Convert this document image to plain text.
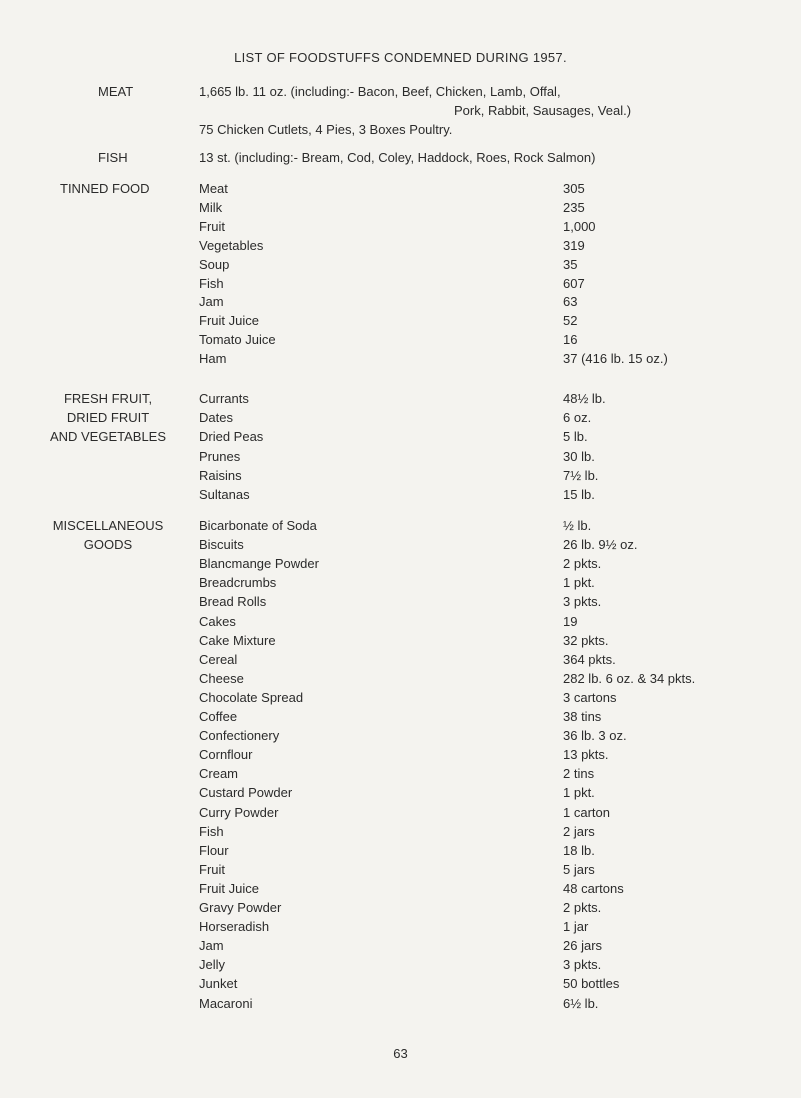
LIST OF FOODSTUFFS CONDEMNED DURING 1957.
MEAT	1,665 lb. 11 oz. (including:- Bacon, Beef, Chicken, Lamb, Offal,
Pork, Rabbit, Sausages, Veal.)
75 Chicken Cutlets, 4 Pies, 3 Boxes Poultry.
FISH	13 st. (including:- Bream, Cod, Coley, Haddock, Roes, Rock Salmon)
TINNED FOOD	Meat	305
Milk	235
Fruit	1,000
Vegetables	319
Soup	35
Fish	607
Jam	63
Fruit Juice	52
Tomato Juice	16
Ham	37 (416 lb. 15 oz.)
FRESH FRUIT,
DRIED FRUIT
AND VEGETABLES
Currants	48½ lb.
Dates	6 oz.
Dried Peas	5 lb.
Prunes	30 lb.
Raisins	7½ lb.
Sultanas	15 lb.
MISCELLANEOUS
GOODS
Bicarbonate of Soda	½ lb.
Biscuits	26 lb. 9½ oz.
Blancmange Powder	2 pkts.
Breadcrumbs	1 pkt.
Bread Rolls	3 pkts.
Cakes	19
Cake Mixture	32 pkts.
Cereal	364 pkts.
Cheese	282 lb. 6 oz. & 34 pkts.
Chocolate Spread	3 cartons
Coffee	38 tins
Confectionery	36 lb. 3 oz.
Cornflour	13 pkts.
Cream	2 tins
Custard Powder	1 pkt.
Curry Powder	1 carton
Fish	2 jars
Flour	18 lb.
Fruit	5 jars
Fruit Juice	48 cartons
Gravy Powder	2 pkts.
Horseradish	1 jar
Jam	26 jars
Jelly	3 pkts.
Junket	50 bottles
Macaroni	6½ lb.
63
